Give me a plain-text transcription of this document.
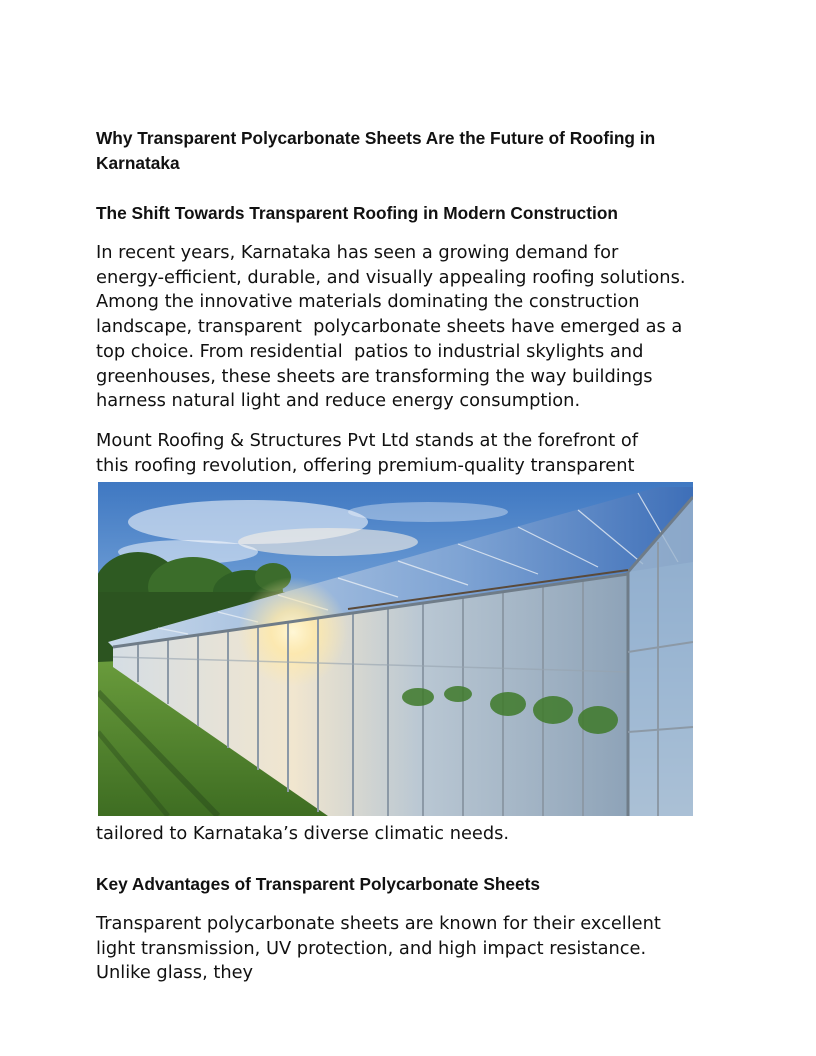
Why Transparent Polycarbonate Sheets Are the Future of Roofing in
Karnataka
The Shift Towards Transparent Roofing in Modern Construction
In recent years, Karnataka has seen a growing demand for
energy-efficient, durable, and visually appealing roofing solutions.
Among the innovative materials dominating the construction
landscape, transparent  polycarbonate sheets have emerged as a
top choice. From residential  patios to industrial skylights and
greenhouses, these sheets are transforming the way buildings
harness natural light and reduce energy consumption.
Mount Roofing & Structures Pvt Ltd stands at the forefront of
this roofing revolution, offering premium-quality transparent
tailored to Karnataka’s diverse climatic needs.
Key Advantages of Transparent Polycarbonate Sheets
Transparent polycarbonate sheets are known for their excellent
light transmission, UV protection, and high impact resistance.
Unlike glass, they
